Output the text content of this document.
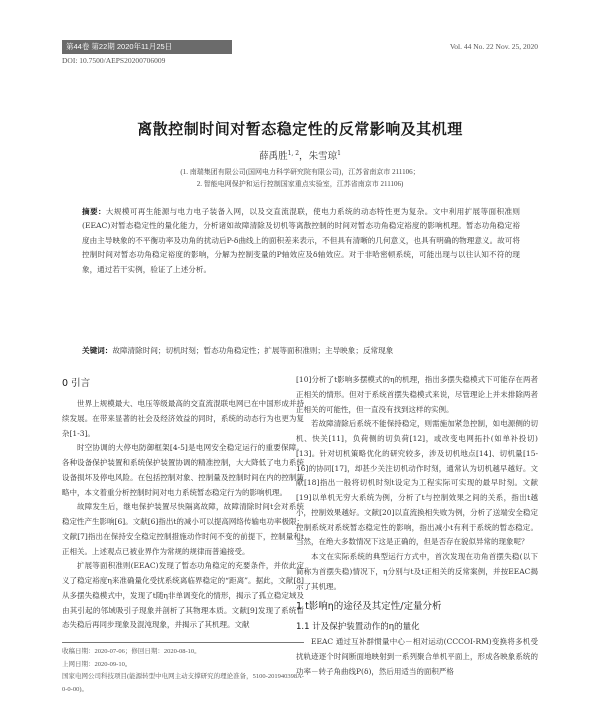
第44卷 第22期 2020年11月25日	Vol. 44 No. 22 Nov. 25, 2020
DOI: 10.7500/AEPS20200706009
离散控制时间对暂态稳定性的反常影响及其机理
薛禹胜$^{1, 2}$，朱雪琼$^1$
(1. 南瑞集团有限公司(国网电力科学研究院有限公司)，江苏省南京市 211106；
2. 智能电网保护和运行控制国家重点实验室，江苏省南京市 211106)
摘要：大规模可再生能源与电力电子装备入网，以及交直流混联，使电力系统的动态特性更为复杂。文中利用扩展等面积准则(EEAC)对暂态稳定性的量化能力，分析诸如故障清除及切机等离散控制的时间对暂态功角稳定裕度的影响机理。暂态功角稳定裕度由主导映象的不平衡功率及功角的扰动后P-δ曲线上的面积差来表示，不但具有清晰的几何意义，也具有明确的物理意义。故可将控制时间对暂态功角稳定裕度的影响，分解为控制变量的P轴效应及δ轴效应。对于非哈密顿系统，可能出现与以往认知不符的现象，通过若干实例，验证了上述分析。
关键词：故障清除时间；切机时刻；暂态功角稳定性；扩展等面积准则；主导映象；反常现象
0 引言

世界上规模最大、电压等级最高的交直流混联电网已在中国形成并持续发展。在带来显著的社会及经济效益的同时，系统的动态行为也更为复杂[1-3]。

时空协调的大停电防御框架[4-5]是电网安全稳定运行的重要保障。各种设备保护装置和系统保护装置协调的精准控制，大大降低了电力系统设备损坏及停电风险。在包括控制对象、控制量及控制时间在内的控制策略中，本文着重分析控制时间对电力系统暂态稳定行为的影响机理。

故障发生后，继电保护装置尽快隔离故障，故障清除时间t会对系统稳定性产生影响[6]。文献[6]指出t的减小可以提高网络传输电功率极限；文献[7]指出在保持安全稳定控制措施动作时间不变的前提下，控制量和t正相关。上述观点已被业界作为常规的规律而普遍接受。

扩展等面积准则(EEAC)发现了暂态功角稳定的充要条件，并依此定义了稳定裕度η来准确量化受扰系统离临界稳定的“距离”。据此，文献[8]从多摆失稳模式中，发现了t随η非单调变化的情形，揭示了孤立稳定域及由其引起的邻域吸引子现象并剖析了其物理本质。文献[9]发现了系统暂态失稳后再同步现象及混沌现象，并揭示了其机理。文献

[10]分析了t影响多摆模式的η的机理，指出多摆失稳模式下可能存在两者正相关的情形。但对于系统首摆失稳模式来说，尽管理论上并未排除两者正相关的可能性，但一直没有找到这样的实例。

若故障清除后系统不能保持稳定，则需施加紧急控制，如电源侧的切机、快关[11]，负荷侧的切负荷[12]，或改变电网拓扑(如单补投切)[13]。针对切机策略优化的研究较多，涉及切机地点[14]、切机量[15-16]的协同[17]，却甚少关注切机动作时刻，通常认为切机越早越好。文献[18]指出一般将切机时刻t设定为工程实际可实现的最早时刻。文献[19]以单机无穷大系统为例，分析了t与控制效果之间的关系，指出t越小，控制效果越好。文献[20]以直流换相失败为例，分析了送端安全稳定控制系统对系统暂态稳定性的影响，指出减小t有利于系统的暂态稳定。当然，在绝大多数情况下这是正确的，但是否存在貌似异常的现象呢？

本文在实际系统的典型运行方式中，首次发现在功角首摆失稳(以下简称为首摆失稳)情况下，η分别与t及t正相关的反常案例，并按EEAC揭示了其机理。

1 t影响η的途径及其定性/定量分析
1.1 计及保护装置动作的η的量化

EEAC 通过互补群惯量中心－相对运动(CCCOI-RM)变换将多机受扰轨迹逐个时间断面地映射到一系列聚合单机平面上，形成各映象系统的功率－转子角曲线P(δ)，然后用适当的面积严格

收稿日期：2020-07-06；修回日期：2020-08-10。
上网日期：2020-09-10。
国家电网公司科技项目(能源转型中电网主动支撑研究的理论准备，5100-201940398A-0-0-00)。
